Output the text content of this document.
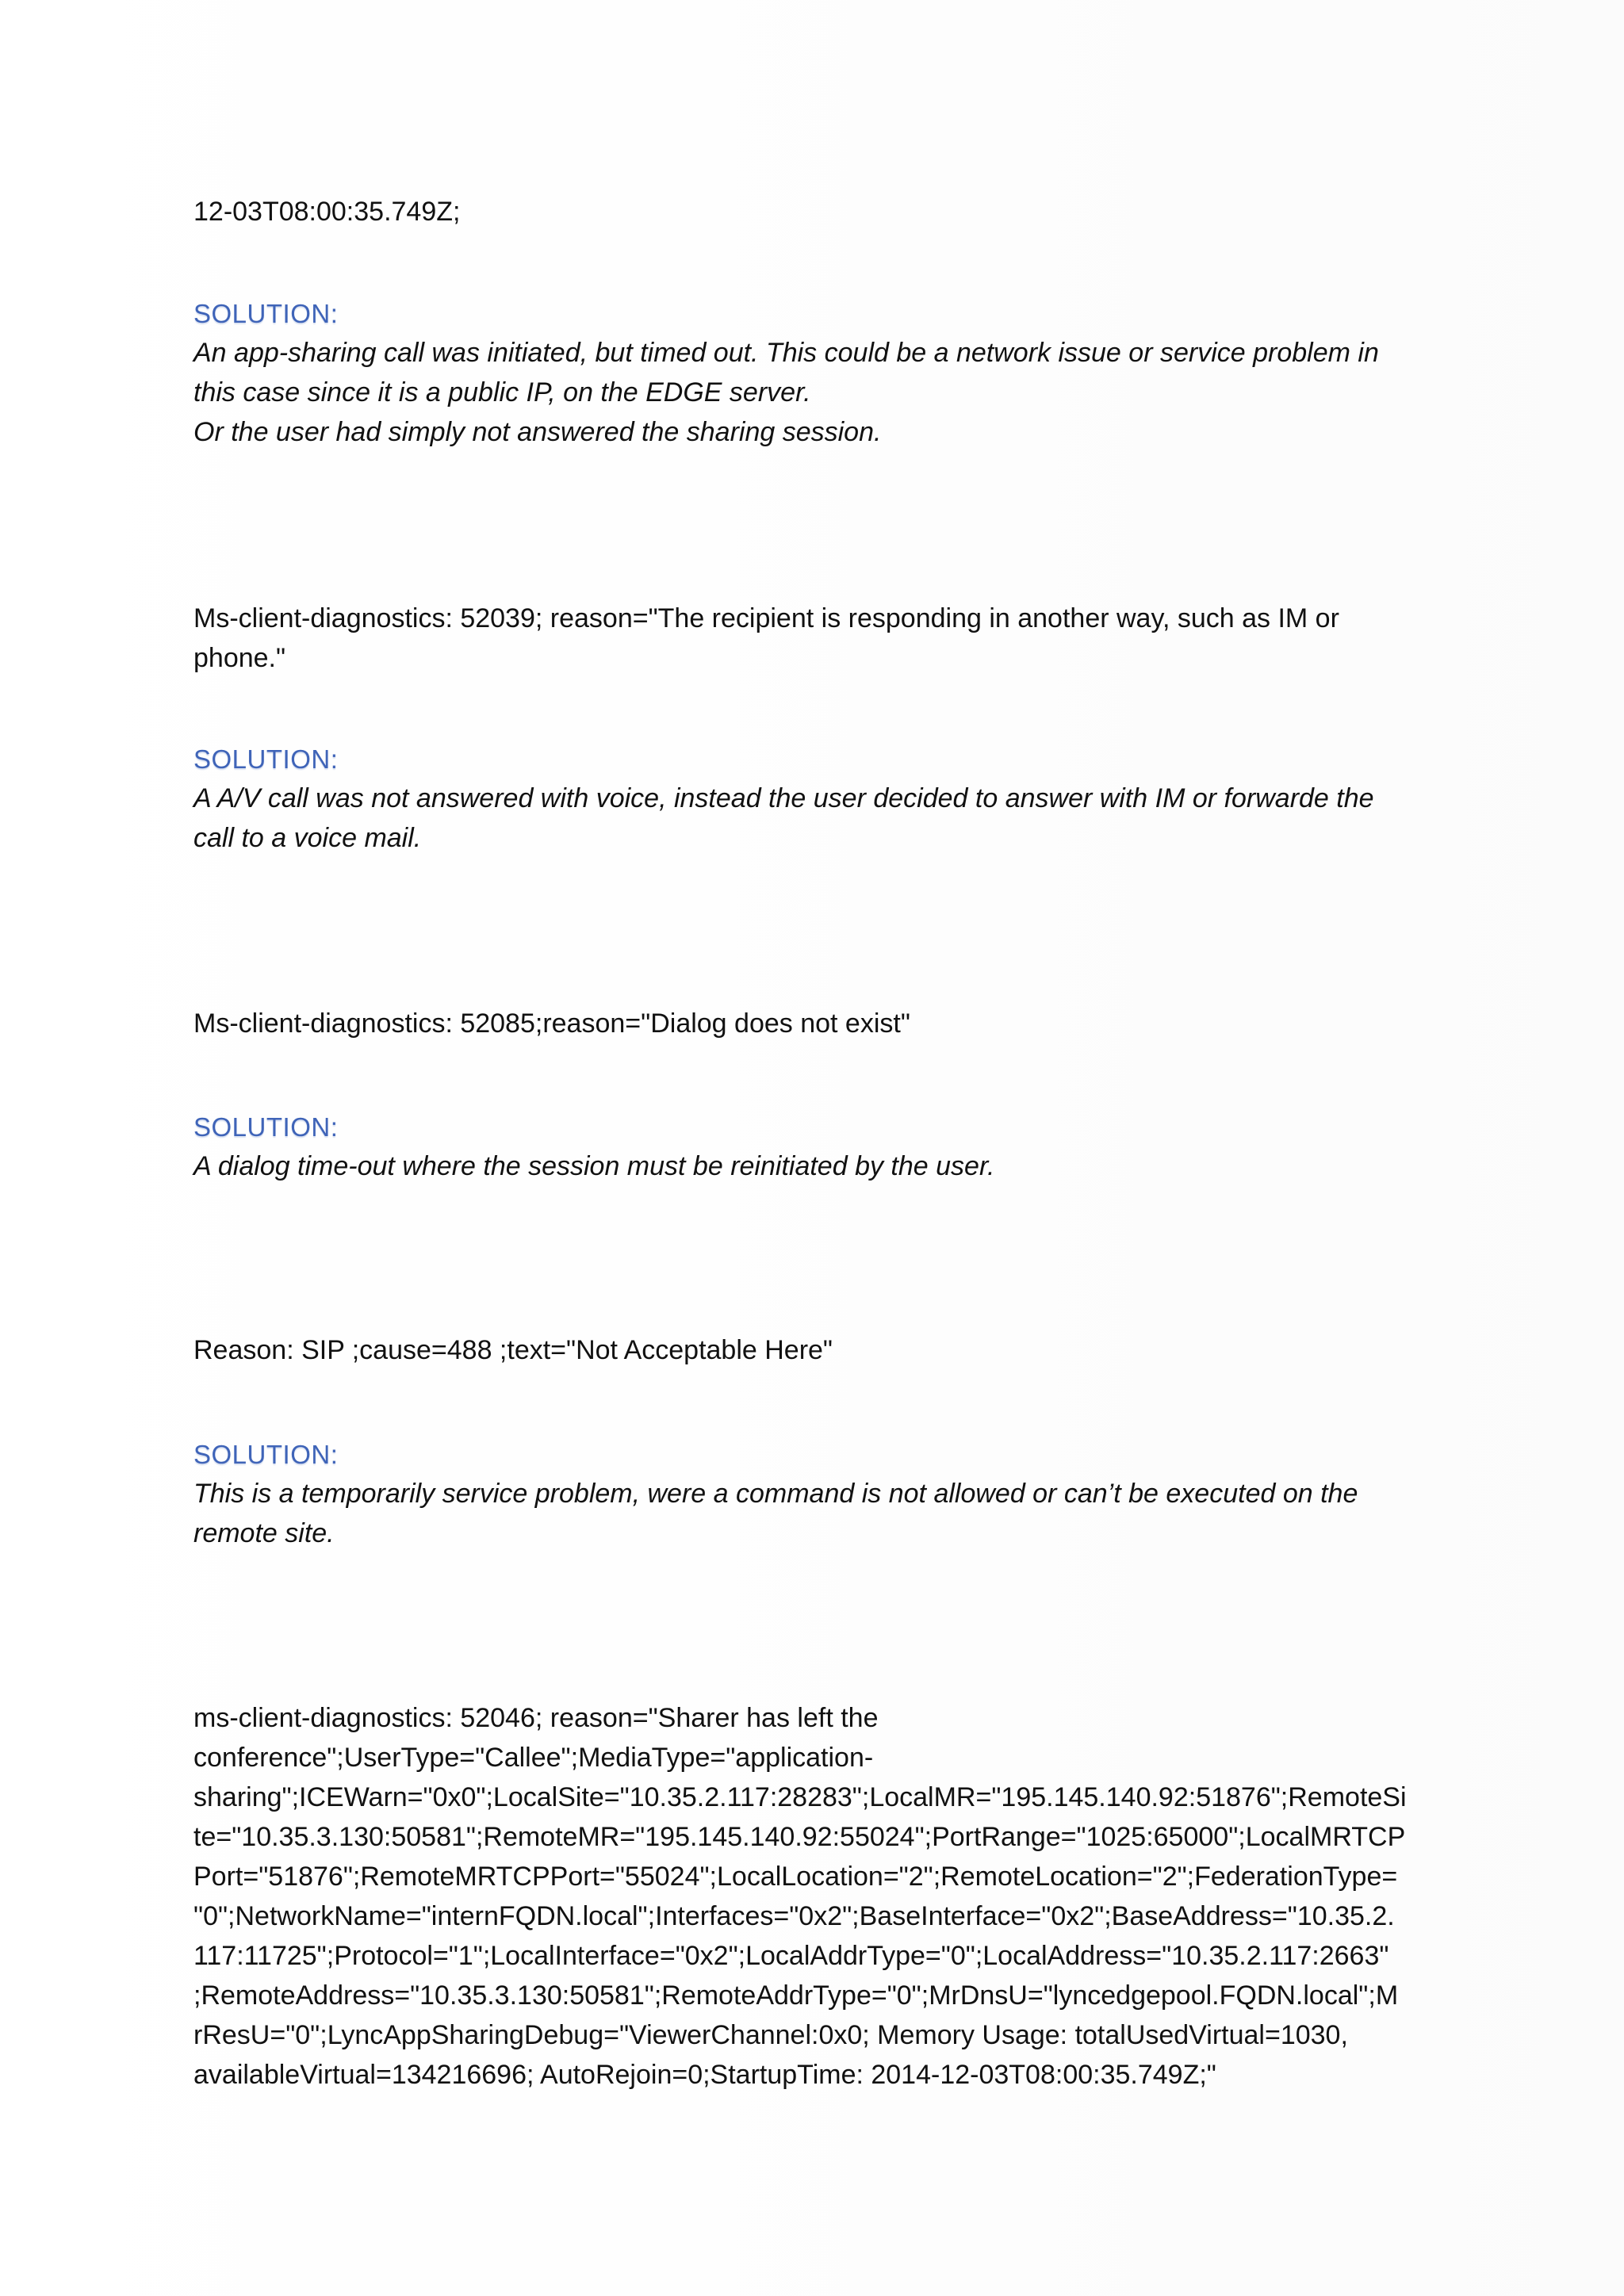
12-03T08:00:35.749Z;

SOLUTION:

An app-sharing call was initiated, but timed out. This could be a network issue or service problem in

this case since it is a public IP, on the EDGE server.

Or the user had simply not answered the sharing session.

Ms-client-diagnostics: 52039; reason="The recipient is responding in another way, such as IM or

phone."

SOLUTION:

A A/V call was not answered with voice, instead the user decided to answer with IM or forwarde the

call to a voice mail.

Ms-client-diagnostics: 52085;reason="Dialog does not exist"

SOLUTION:

A dialog time-out where the session must be reinitiated by the user.

Reason: SIP ;cause=488 ;text="Not Acceptable Here"

SOLUTION:

This is a temporarily service problem, were a command is not allowed or can’t be executed on the

remote site.

ms-client-diagnostics: 52046; reason="Sharer has left the

conference";UserType="Callee";MediaType="application-

sharing";ICEWarn="0x0";LocalSite="10.35.2.117:28283";LocalMR="195.145.140.92:51876";RemoteSi

te="10.35.3.130:50581";RemoteMR="195.145.140.92:55024";PortRange="1025:65000";LocalMRTCP

Port="51876";RemoteMRTCPPort="55024";LocalLocation="2";RemoteLocation="2";FederationType=

"0";NetworkName="internFQDN.local";Interfaces="0x2";BaseInterface="0x2";BaseAddress="10.35.2.

117:11725";Protocol="1";LocalInterface="0x2";LocalAddrType="0";LocalAddress="10.35.2.117:2663"

;RemoteAddress="10.35.3.130:50581";RemoteAddrType="0";MrDnsU="lyncedgepool.FQDN.local";M

rResU="0";LyncAppSharingDebug="ViewerChannel:0x0; Memory Usage: totalUsedVirtual=1030,

availableVirtual=134216696; AutoRejoin=0;StartupTime: 2014-12-03T08:00:35.749Z;"
